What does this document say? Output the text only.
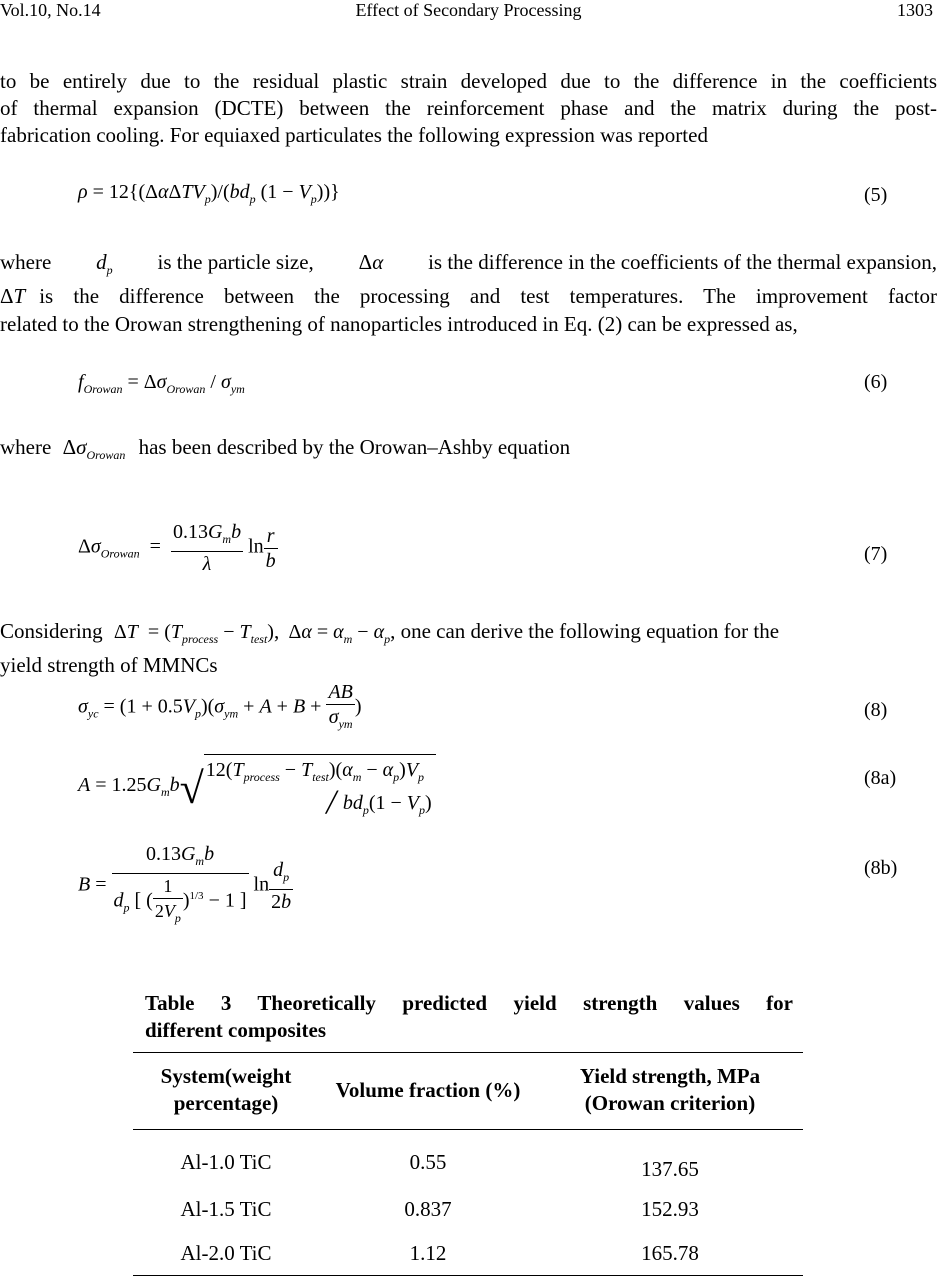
Vol.10, No.14	Effect of Secondary Processing	1303
to be entirely due to the residual plastic strain developed due to the difference in the coefficients
of thermal expansion (DCTE) between the reinforcement phase and the matrix during the post-
fabrication cooling. For equiaxed particulates the following expression was reported
$\rho = 12\{(\Delta\alpha\Delta TV_p)/(bd_p$ $(1 - V_p)$)}	(5)
where $d_p$ is the particle size, Δα is the difference in the coefficients of the thermal expansion,
ΔT is the difference between the processing and test temperatures. The improvement factor
related to the Orowan strengthening of nanoparticles introduced in Eq. (2) can be expressed as,
$f_{Orowan} = \Delta\sigma_{Orowan} / \sigma_{ym}$	(6)
where $\Delta\sigma_{Orowan}$ has been described by the Orowan–Ashby equation
$\Delta\sigma_{Orowan} = \frac{0.13G_mb}{\lambda}$ $\ln \frac{r}{b}$	(7)
Considering $\Delta T = (T_{process} - T_{test})$, $\Delta\alpha = \alpha_m - \alpha_p$, one can derive the following equation for the
yield strength of MMNCs
$\sigma_{yc} = (1 + 0.5V_p)(\sigma_{ym} + A + B + \frac{AB}{\sigma_{ym}}$ )	(8)
$A = 1.25G_mb√$ $12(T_{process} - T_{test})(\alpha_m - \alpha_p)V_p$
╱ $bd_p(1 - V_p)$
(8a)
$B = \frac{0.13G_mb}{d_p [ ( \frac{1}{2V_p} )^{1/3} - 1 ]}$ $\ln \frac{d_p}{2b}$	(8b)
Table 3 Theoretically predicted yield strength values for
different composites
System(weight percentage)	Volume fraction (%)	Yield strength, MPa (Orowan criterion)
Al-1.0 TiC	0.55	137.65
Al-1.5 TiC	0.837	152.93
Al-2.0 TiC	1.12	165.78
